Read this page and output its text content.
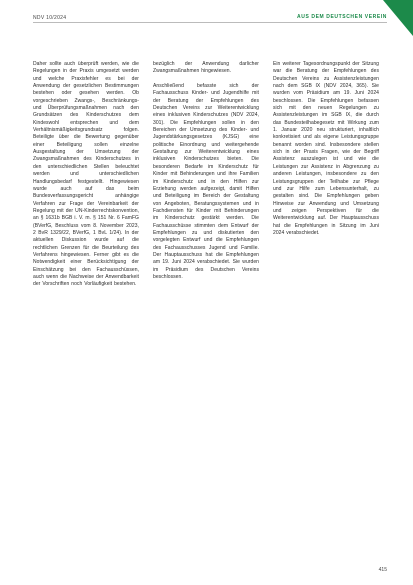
NDV 10/2024	AUS DEM DEUTSCHEN VEREIN

Daher sollte auch überprüft werden, wie die Regelungen in der Praxis umgesetzt werden und welche Praxisfehler es bei der Anwendung der gesetzlichen Bestimmungen bestehen oder gesehen werden. Ob vorgeschrieben Zwangs-, Beschränkungs- und Überprüfungsmaßnahmen nach den Grundsätzen des Kinderschutzes dem Kindeswohl entsprechen und dem Verhältnismäßigkeitsgrundsatz folgen. Beteiligte über die Bewertung gegenüber einer Beteiligung sollen einzelne Ausgestaltung der Umsetzung der Zwangsmaßnahmen des Kinderschutzes in den unterschiedlichen Stellen beleuchtet werden und unterschiedlichen Handlungsbedarf festgestellt. Hingewiesen wurde auch auf das beim Bundesverfassungsgericht anhängige Verfahren zur Frage der Vereinbarkeit der Regelung mit der UN-Kinderrechtskonvention, an § 1631b BGB i. V. m. § 151 Nr. 6 FamFG (BVerfG, Beschluss vom 8. November 2023, 2 BvR 1329/22, BVerfG, 1 BvL 1/24). In der aktuellen Diskussion wurde auf die rechtlichen Grenzen für die Beurteilung des Verfahrens hingewiesen. Ferner gibt es die Notwendigkeit einer Berücksichtigung der Einschätzung bei den Fachausschüssen, auch wenn die Nachweise der Anwendbarkeit der Vorschriften noch Vorläufigkeit bestehen.

bezüglich der Anwendung darlicher Zwangsmaßnahmen hingewiesen.

Anschließend befasste sich der Fachausschuss Kinder- und Jugendhilfe mit der Beratung der Empfehlungen des Deutschen Vereins zur Weiterentwicklung eines inklusiven Kinderschutzes (NDV 2024, 301). Die Empfehlungen sollen in den Bereichen der Umsetzung des Kinder- und Jugendstärkungsgesetzes (KJSG) eine politische Einordnung und weitergehende Gestaltung zur Weiterentwicklung eines inklusiven Kinderschutzes bieten. Die besonderen Bedarfe im Kinderschutz für Kinder mit Behinderungen und ihre Familien im Kinderschutz und in den Hilfen zur Erziehung werden aufgezeigt, damit Hilfen und Beteiligung im Bereich der Gestaltung von Angeboten, Beratungssystemen und in Fachdiensten für Kinder mit Behinderungen im Kinderschutz gestärkt werden. Die Fachausschüsse stimmten dem Entwurf der Empfehlungen zu und diskutierten den vorgelegten Entwurf und die Empfehlungen des Fachausschusses Jugend und Familie. Der Hauptausschuss hat die Empfehlungen am 19. Juni 2024 verabschiedet. Sie wurden im Präsidium des Deutschen Vereins beschlossen.

Ein weiterer Tagesordnungspunkt der Sitzung war die Beratung der Empfehlungen des Deutschen Vereins zu Assistenzleistungen nach dem SGB IX (NDV 2024, 365). Sie wurden vom Präsidium am 19. Juni 2024 beschlossen. Die Empfehlungen befassen sich mit den neuen Regelungen zu Assistenzleistungen im SGB IX, die durch das Bundesteilhabegesetz mit Wirkung zum 1. Januar 2020 neu strukturiert, inhaltlich konkretisiert und als eigene Leistungsgruppe benannt worden sind. Insbesondere stellen sich in der Praxis Fragen, wie der Begriff Assistenz auszulegen ist und wie die Leistungen zur Assistenz in Abgrenzung zu anderen Leistungen, insbesondere zu den Leistungsgruppen der Teilhabe zur Pflege und zur Hilfe zum Lebensunterhalt, zu gestalten sind. Die Empfehlungen geben Hinweise zur Anwendung und Umsetzung und zeigen Perspektiven für die Weiterentwicklung auf. Der Hauptausschuss hat die Empfehlungen in Sitzung im Juni 2024 verabschiedet.

415
